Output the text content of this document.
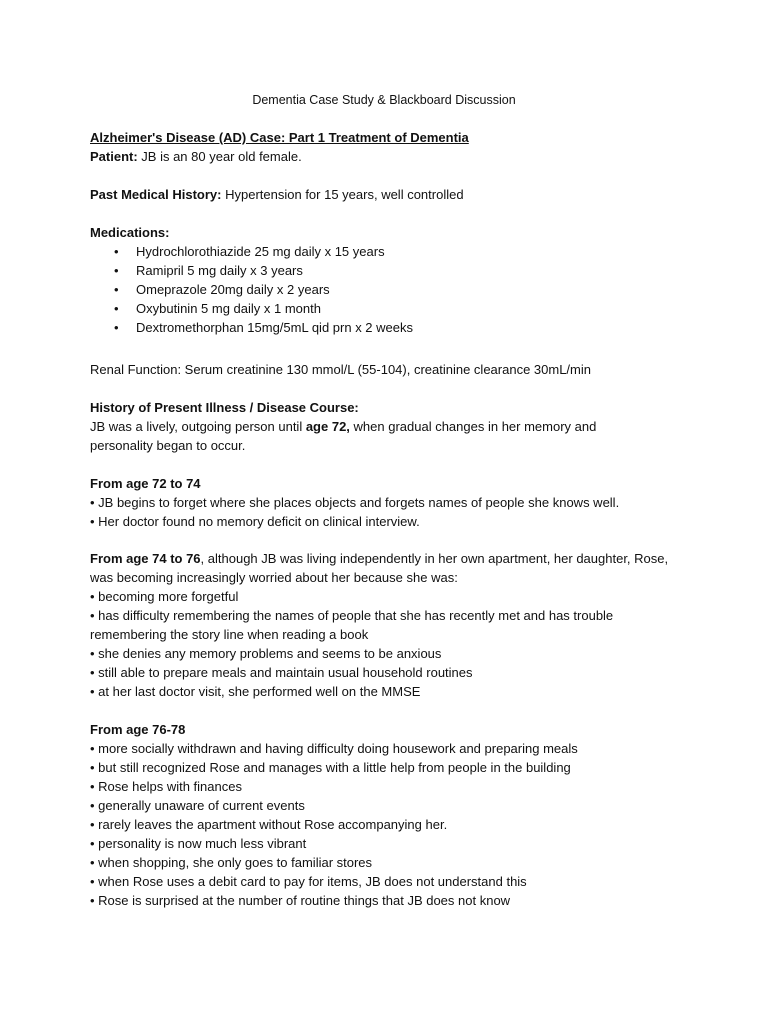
Dementia Case Study & Blackboard Discussion
Alzheimer's Disease (AD) Case: Part 1 Treatment of Dementia
Patient: JB is an 80 year old female.
Past Medical History: Hypertension for 15 years, well controlled
Medications:
• Hydrochlorothiazide 25 mg daily x 15 years
• Ramipril 5 mg daily x 3 years
• Omeprazole 20mg daily x 2 years
• Oxybutinin 5 mg daily x 1 month
• Dextromethorphan 15mg/5mL qid prn x 2 weeks
Renal Function: Serum creatinine 130 mmol/L (55-104), creatinine clearance 30mL/min
History of Present Illness / Disease Course:
JB was a lively, outgoing person until age 72, when gradual changes in her memory and personality began to occur.
From age 72 to 74
• JB begins to forget where she places objects and forgets names of people she knows well.
• Her doctor found no memory deficit on clinical interview.
From age 74 to 76, although JB was living independently in her own apartment, her daughter, Rose, was becoming increasingly worried about her because she was:
• becoming more forgetful
• has difficulty remembering the names of people that she has recently met and has trouble remembering the story line when reading a book
• she denies any memory problems and seems to be anxious
• still able to prepare meals and maintain usual household routines
• at her last doctor visit, she performed well on the MMSE
From age 76-78
• more socially withdrawn and having difficulty doing housework and preparing meals
• but still recognized Rose and manages with a little help from people in the building
• Rose helps with finances
• generally unaware of current events
• rarely leaves the apartment without Rose accompanying her.
• personality is now much less vibrant
• when shopping, she only goes to familiar stores
• when Rose uses a debit card to pay for items, JB does not understand this
• Rose is surprised at the number of routine things that JB does not know
